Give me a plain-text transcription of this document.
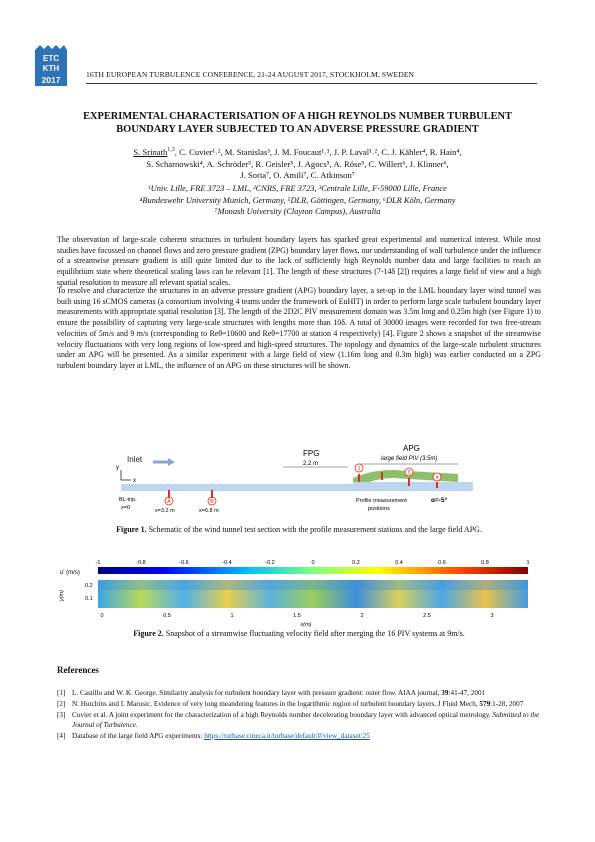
ETC
KTH
2017
16TH EUROPEAN TURBULENCE CONFERENCE, 21-24 AUGUST 2017, STOCKHOLM, SWEDEN
EXPERIMENTAL CHARACTERISATION OF A HIGH REYNOLDS NUMBER TURBULENT
BOUNDARY LAYER SUBJECTED TO AN ADVERSE PRESSURE GRADIENT
S. Srinath$^{1,3}$, C. Cuvier¹˒², M. Stanislas³, J. M. Foucaut¹˒³, J. P. Laval¹˒², C. J. Kähler⁴, R. Hain⁴,
S. Scharnowski⁴, A. Schröder⁵, R. Geisler⁵, J. Agocs⁵, A. Röse⁵, C. Willert⁶, J. Klinner⁶,
J. Soria⁷, O. Amili⁷, C. Atkinson⁷
¹Univ. Lille, FRE 3723 – LML, ²CNRS, FRE 3723, ³Centrale Lille, F-59000 Lille, France
⁴Bundeswehr University Munich, Germany, ⁵DLR, Göttingen, Germany, ⁶DLR Köln, Germany
⁷Monash University (Clayton Campus), Australia
The observation of large-scale coherent structures in turbulent boundary layers has sparked great experimental and numerical interest. While most studies have focussed on channel flows and zero pressure gradient (ZPG) boundary layer flows, our understanding of wall turbulence under the influence of a streamwise pressure gradient is still quite limited due to the lack of sufficiently high Reynolds number data and large facilities to reach an equilibrium state where theoretical scaling laws can be relevant [1]. The length of these structures (7-14δ [2]) requires a large field of view and a high spatial resolution to measure all relevant spatial scales.
To resolve and characterize the structures in an adverse pressure gradient (APG) boundary layer, a set-up in the LML boundary layer wind tunnel was built using 16 sCMOS cameras (a consortium involving 4 teams under the framework of EuHIT) in order to perform large scale turbulent boundary layer measurements with appropriate spatial resolution [3]. The length of the 2D2C PIV measurement domain was 3.5m long and 0.25m high (see Figure 1) to ensure the possibility of capturing very large-scale structures with lengths more than 10δ. A total of 30000 images were recorded for two free-stream velocities of 5m/s and 9 m/s (corresponding to Reθ=10600 and Reθ=17700 at station 4 respectively) [4]. Figure 2 shows a snapshot of the streamwise velocity fluctuations with very long regions of low-speed and high-speed structures. The topology and dynamics of the large-scale turbulent structures under an APG will be presented. As a similar experiment with a large field of view (1.16m long and 0.3m high) was earlier conducted on a ZPG turbulent boundary layer at LML, the influence of an APG on these structures will be shown.
Inlet
y
x
FPG
2.2 m
APG
large field PIV (3.5m)
A	B
1
3
4
BL-trip.
x=0	x=3.2 m	x=6.8 m
Profile measurement
positions
α=-5°
Figure 1. Schematic of the wind tunnel test section with the profile measurement stations and the large field APG.
-1	-0.8	-0.6	-0.4	-0.2	0	0.2	0.4	0.6	0.8	1
u' (m/s)
y(m)
0.2
0.1
0	0.5	1	1.5	2	2.5	3
x(m)
Figure 2. Snapshot of a streamwise fluctuating velocity field after merging the 16 PIV systems at 9m/s.
References
[1] L. Castillo and W. K. George. Similarity analysis for turbulent boundary layer with pressure gradient: outer flow. AIAA journal, 39:41-47, 2001
[2] N. Hutchins and I. Marusic. Evidence of very long meandering features in the logarithmic region of turbulent boundary layers. J Fluid Mech, 579:1-28, 2007
[3] Cuvier et al. A joint experiment for the characterization of a high Reynolds number decelerating boundary layer with advanced optical metrology. Submitted to the Journal of Turbulence.
[4] Database of the large field APG experiments: https://turbase.cineca.it/turbase/default/#/view_dataset/25
